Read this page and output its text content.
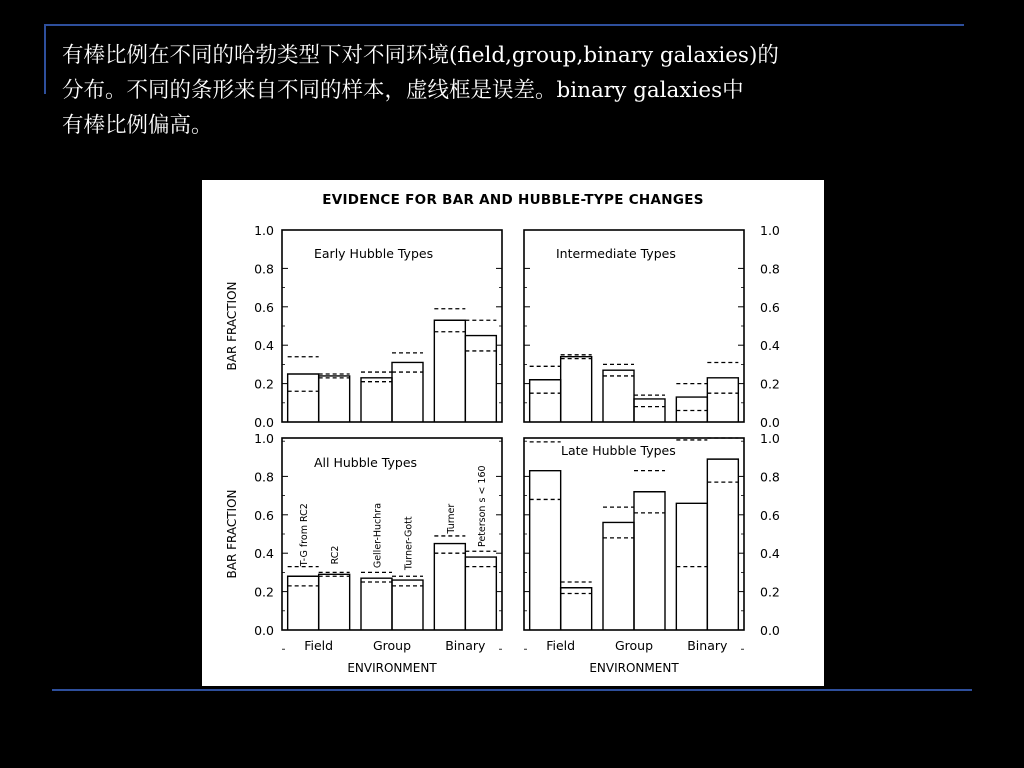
有棒比例在不同的哈勃类型下对不同环境(field,group,binary galaxies)的
分布。不同的条形来自不同的样本，虚线框是误差。binary galaxies中
有棒比例偏高。

EVIDENCE FOR BAR AND HUBBLE-TYPE CHANGES
Early Hubble Types	Intermediate Types
T-G from RC2 RC2	Geller-Huchra Turner-Gott	Turner Peterson s < 160
All Hubble Types
Late Hubble Types
0.0
0.2
0.4
0.6
0.8
1.0
0.0
0.2
0.4
0.6
0.8
1.0
0.0
0.2
0.4
0.6
0.8
1.0
0.0
0.2
0.4
0.6
0.8
1.0
BAR FRACTION
BAR FRACTION
Field	Group	Binary
ENVIRONMENT
Field	Group	Binary
ENVIRONMENT
